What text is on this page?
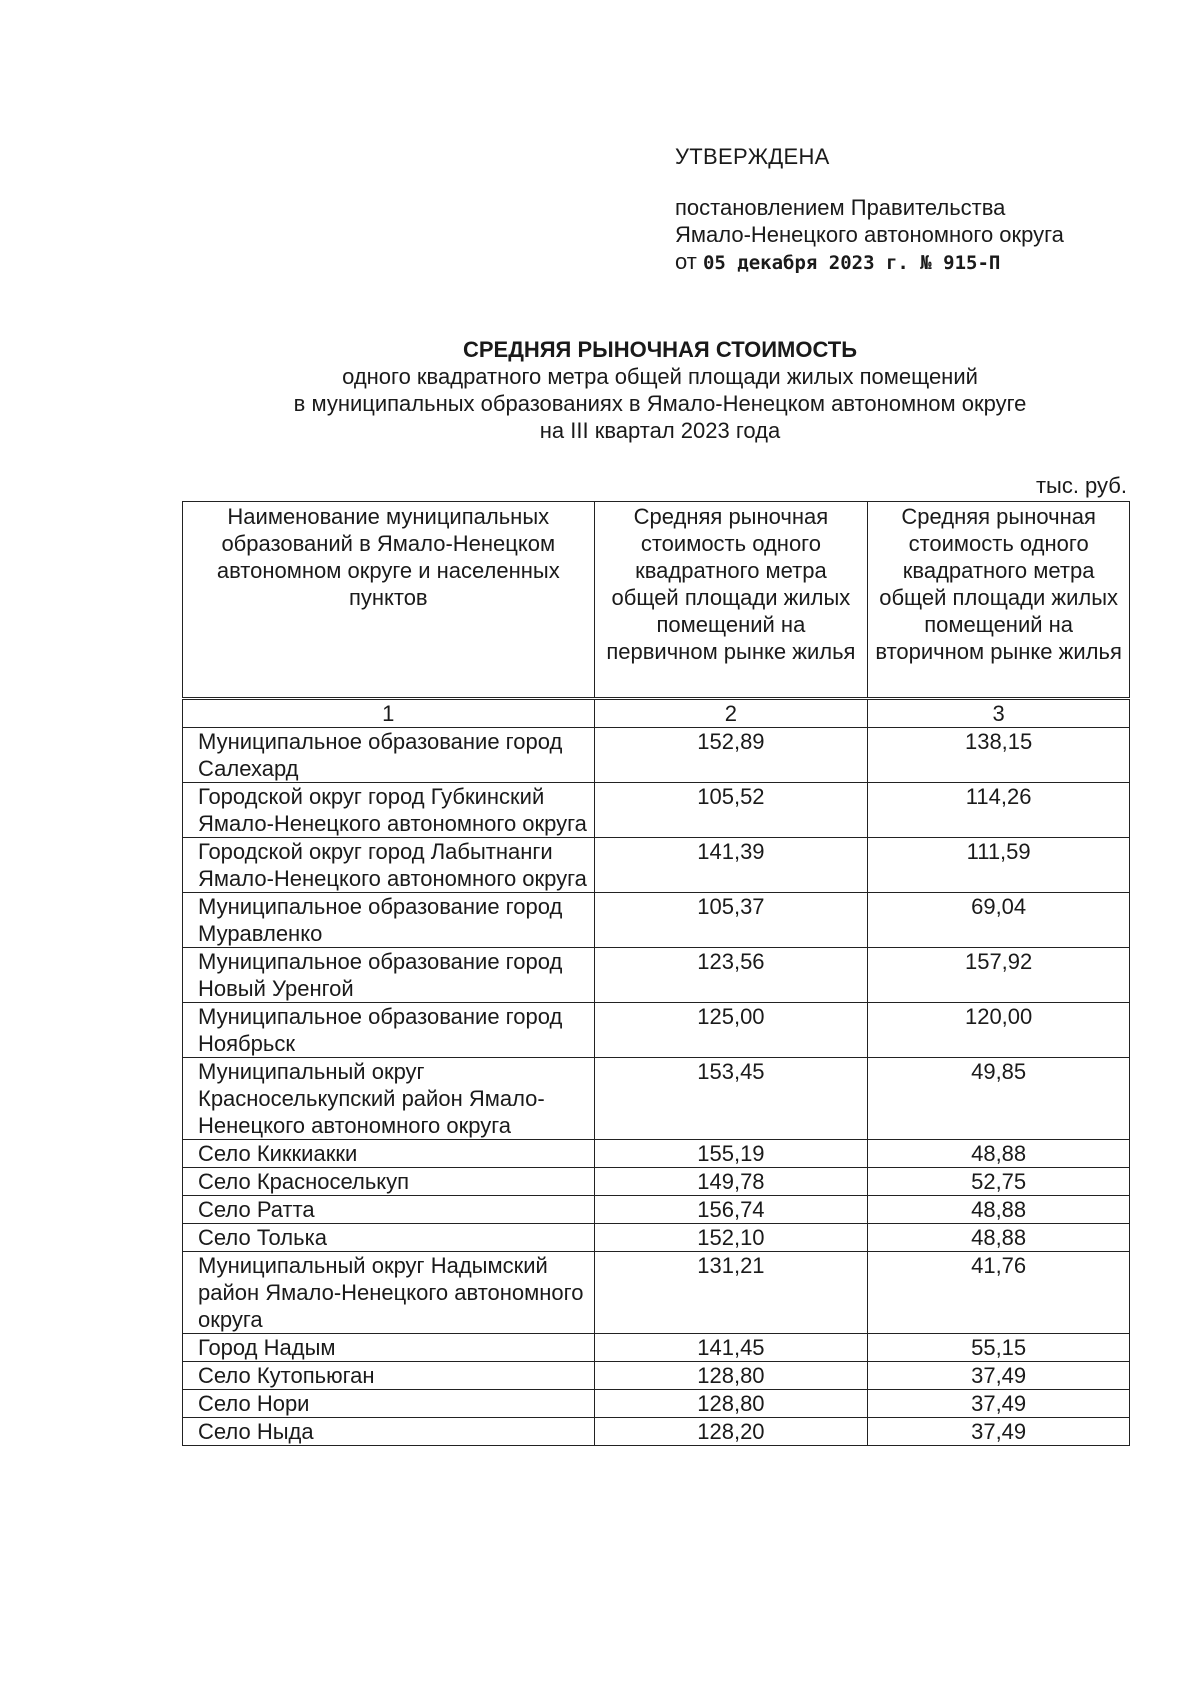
УТВЕРЖДЕНА
постановлением Правительства
Ямало-Ненецкого автономного округа
от 05 декабря 2023 г. № 915-П
СРЕДНЯЯ РЫНОЧНАЯ СТОИМОСТЬ
одного квадратного метра общей площади жилых помещений
в муниципальных образованиях в Ямало-Ненецком автономном округе
на III квартал 2023 года
тыс. руб.
Наименование муниципальных образований в Ямало-Ненецком автономном округе и населенных пунктов	Средняя рыночная стоимость одного квадратного метра общей площади жилых помещений на первичном рынке жилья	Средняя рыночная стоимость одного квадратного метра общей площади жилых помещений на вторичном рынке жилья
1	2	3
Муниципальное образование город Салехард	152,89	138,15
Городской округ город Губкинский Ямало-Ненецкого автономного округа	105,52	114,26
Городской округ город Лабытнанги Ямало-Ненецкого автономного округа	141,39	111,59
Муниципальное образование город Муравленко	105,37	69,04
Муниципальное образование город Новый Уренгой	123,56	157,92
Муниципальное образование город Ноябрьск	125,00	120,00
Муниципальный округ Красноселькупский район Ямало-Ненецкого автономного округа	153,45	49,85
Село Киккиакки	155,19	48,88
Село Красноселькуп	149,78	52,75
Село Ратта	156,74	48,88
Село Толька	152,10	48,88
Муниципальный округ Надымский район Ямало-Ненецкого автономного округа	131,21	41,76
Город Надым	141,45	55,15
Село Кутопьюган	128,80	37,49
Село Нори	128,80	37,49
Село Ныда	128,20	37,49
